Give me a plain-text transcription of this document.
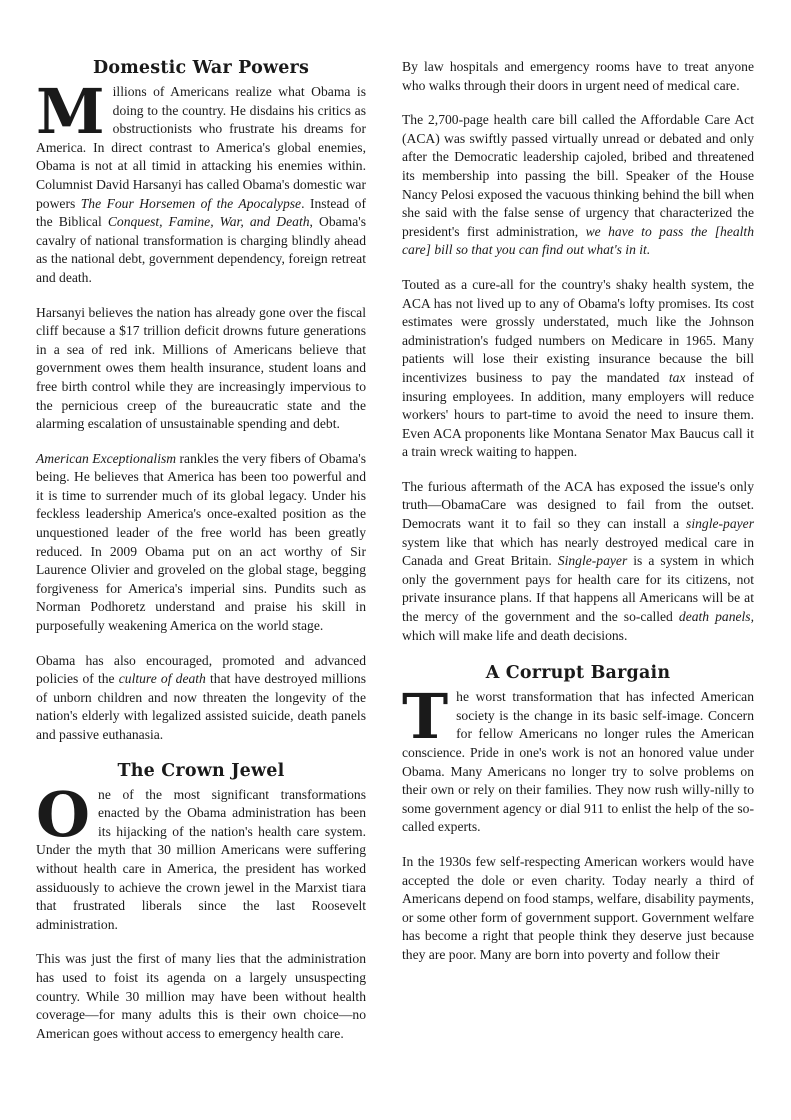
Domestic War Powers

Millions of Americans realize what Obama is doing to the country. He disdains his critics as obstructionists who frustrate his dreams for America. In direct contrast to America's global enemies, Obama is not at all timid in attacking his enemies within. Columnist David Harsanyi has called Obama's domestic war powers The Four Horsemen of the Apocalypse. Instead of the Biblical Conquest, Famine, War, and Death, Obama's cavalry of national transformation is charging blindly ahead as the national debt, government dependency, foreign retreat and death.

Harsanyi believes the nation has already gone over the fiscal cliff because a $17 trillion deficit drowns future generations in a sea of red ink. Millions of Americans believe that government owes them health insurance, student loans and free birth control while they are increasingly impervious to the pernicious creep of the bureaucratic state and the alarming escalation of unsustainable spending and debt.

American Exceptionalism rankles the very fibers of Obama's being. He believes that America has been too powerful and it is time to surrender much of its global legacy. Under his feckless leadership America's once-exalted position as the unquestioned leader of the free world has been greatly reduced. In 2009 Obama put on an act worthy of Sir Laurence Olivier and groveled on the global stage, begging forgiveness for America's imperial sins. Pundits such as Norman Podhoretz understand and praise his skill in purposefully weakening America on the world stage.

Obama has also encouraged, promoted and advanced policies of the culture of death that have destroyed millions of unborn children and now threaten the longevity of the nation's elderly with legalized assisted suicide, death panels and passive euthanasia.

The Crown Jewel

One of the most significant transformations enacted by the Obama administration has been its hijacking of the nation's health care system. Under the myth that 30 million Americans were suffering without health care in America, the president has worked assiduously to achieve the crown jewel in the Marxist tiara that frustrated liberals since the last Roosevelt administration.

This was just the first of many lies that the administration has used to foist its agenda on a largely unsuspecting country. While 30 million may have been without health coverage—for many adults this is their own choice—no American goes without access to emergency health care.

By law hospitals and emergency rooms have to treat anyone who walks through their doors in urgent need of medical care.

The 2,700-page health care bill called the Affordable Care Act (ACA) was swiftly passed virtually unread or debated and only after the Democratic leadership cajoled, bribed and threatened its membership into passing the bill. Speaker of the House Nancy Pelosi exposed the vacuous thinking behind the bill when she said with the false sense of urgency that characterized the president's first administration, we have to pass the [health care] bill so that you can find out what's in it.

Touted as a cure-all for the country's shaky health system, the ACA has not lived up to any of Obama's lofty promises. Its cost estimates were grossly understated, much like the Johnson administration's fudged numbers on Medicare in 1965. Many patients will lose their existing insurance because the bill incentivizes business to pay the mandated tax instead of insuring employees. In addition, many employers will reduce workers' hours to part-time to avoid the need to insure them. Even ACA proponents like Montana Senator Max Baucus call it a train wreck waiting to happen.

The furious aftermath of the ACA has exposed the issue's only truth—ObamaCare was designed to fail from the outset. Democrats want it to fail so they can install a single-payer system like that which has nearly destroyed medical care in Canada and Great Britain. Single-payer is a system in which only the government pays for health care for its citizens, not private insurance plans. If that happens all Americans will be at the mercy of the government and the so-called death panels, which will make life and death decisions.

A Corrupt Bargain

The worst transformation that has infected American society is the change in its basic self-image. Concern for fellow Americans no longer rules the American conscience. Pride in one's work is not an honored value under Obama. Many Americans no longer try to solve problems on their own or rely on their families. They now rush willy-nilly to some government agency or dial 911 to enlist the help of the so-called experts.

In the 1930s few self-respecting American workers would have accepted the dole or even charity. Today nearly a third of Americans depend on food stamps, welfare, disability payments, or some other form of government support. Government welfare has become a right that people think they deserve just because they are poor. Many are born into poverty and follow their
